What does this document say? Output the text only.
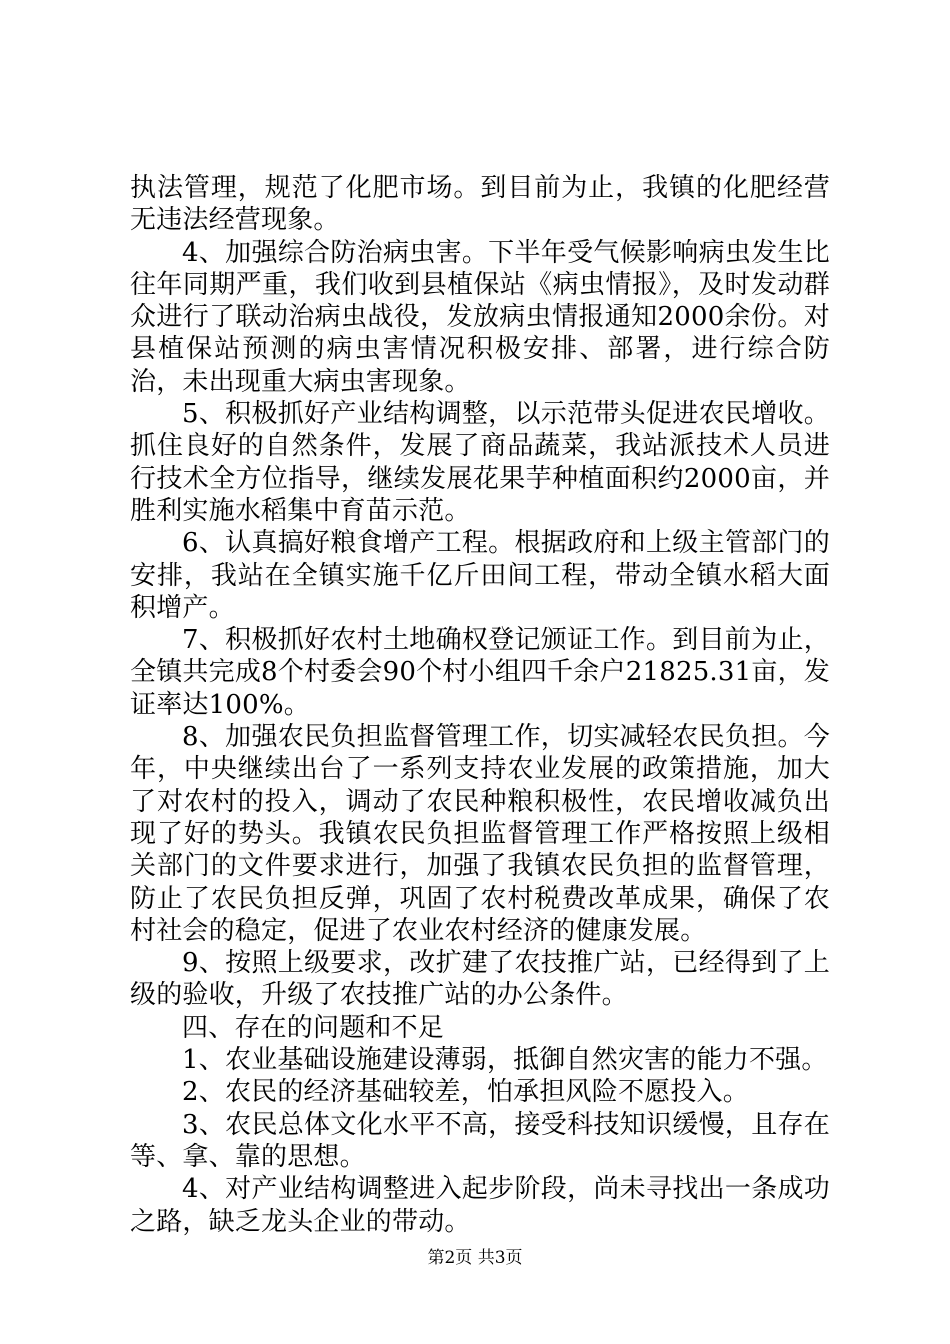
执法管理，规范了化肥市场。到目前为止，我镇的化肥经营无违法经营现象。

4、加强综合防治病虫害。下半年受气候影响病虫发生比往年同期严重，我们收到县植保站《病虫情报》，及时发动群众进行了联动治病虫战役，发放病虫情报通知2000余份。对县植保站预测的病虫害情况积极安排、部署，进行综合防治，未出现重大病虫害现象。

5、积极抓好产业结构调整，以示范带头促进农民增收。抓住良好的自然条件，发展了商品蔬菜，我站派技术人员进行技术全方位指导，继续发展花果芋种植面积约2000亩，并胜利实施水稻集中育苗示范。

6、认真搞好粮食增产工程。根据政府和上级主管部门的安排，我站在全镇实施千亿斤田间工程，带动全镇水稻大面积增产。

7、积极抓好农村土地确权登记颁证工作。到目前为止，全镇共完成8个村委会90个村小组四千余户21825.31亩，发证率达100%。

8、加强农民负担监督管理工作，切实减轻农民负担。今年，中央继续出台了一系列支持农业发展的政策措施，加大了对农村的投入，调动了农民种粮积极性，农民增收减负出现了好的势头。我镇农民负担监督管理工作严格按照上级相关部门的文件要求进行，加强了我镇农民负担的监督管理，防止了农民负担反弹，巩固了农村税费改革成果，确保了农村社会的稳定，促进了农业农村经济的健康发展。

9、按照上级要求，改扩建了农技推广站，已经得到了上级的验收，升级了农技推广站的办公条件。

四、存在的问题和不足

1、农业基础设施建设薄弱，抵御自然灾害的能力不强。

2、农民的经济基础较差，怕承担风险不愿投入。

3、农民总体文化水平不高，接受科技知识缓慢，且存在等、拿、靠的思想。

4、对产业结构调整进入起步阶段，尚未寻找出一条成功之路，缺乏龙头企业的带动。

第2页 共3页
